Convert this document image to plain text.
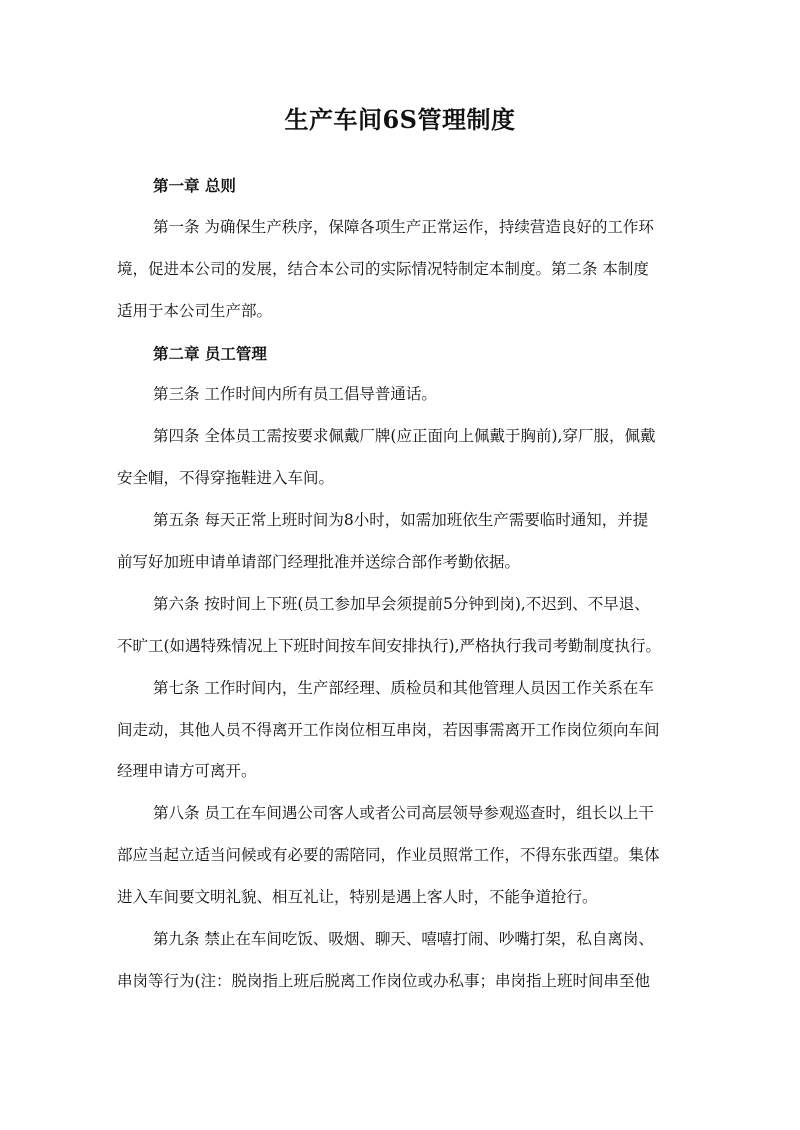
生产车间6S管理制度
第一章 总则
第一条 为确保生产秩序，保障各项生产正常运作，持续营造良好的工作环
境，促进本公司的发展，结合本公司的实际情况特制定本制度。第二条 本制度
适用于本公司生产部。
第二章 员工管理
第三条 工作时间内所有员工倡导普通话。
第四条 全体员工需按要求佩戴厂牌(应正面向上佩戴于胸前),穿厂服，佩戴
安全帽，不得穿拖鞋进入车间。
第五条 每天正常上班时间为8小时，如需加班依生产需要临时通知，并提
前写好加班申请单请部门经理批准并送综合部作考勤依据。
第六条 按时间上下班(员工参加早会须提前5分钟到岗),不迟到、不早退、
不旷工(如遇特殊情况上下班时间按车间安排执行),严格执行我司考勤制度执行。
第七条 工作时间内，生产部经理、质检员和其他管理人员因工作关系在车
间走动，其他人员不得离开工作岗位相互串岗，若因事需离开工作岗位须向车间
经理申请方可离开。
第八条 员工在车间遇公司客人或者公司高层领导参观巡查时，组长以上干
部应当起立适当问候或有必要的需陪同，作业员照常工作，不得东张西望。集体
进入车间要文明礼貌、相互礼让，特别是遇上客人时，不能争道抢行。
第九条 禁止在车间吃饭、吸烟、聊天、嘻嘻打闹、吵嘴打架，私自离岗、
串岗等行为(注：脱岗指上班后脱离工作岗位或办私事；串岗指上班时间串至他
